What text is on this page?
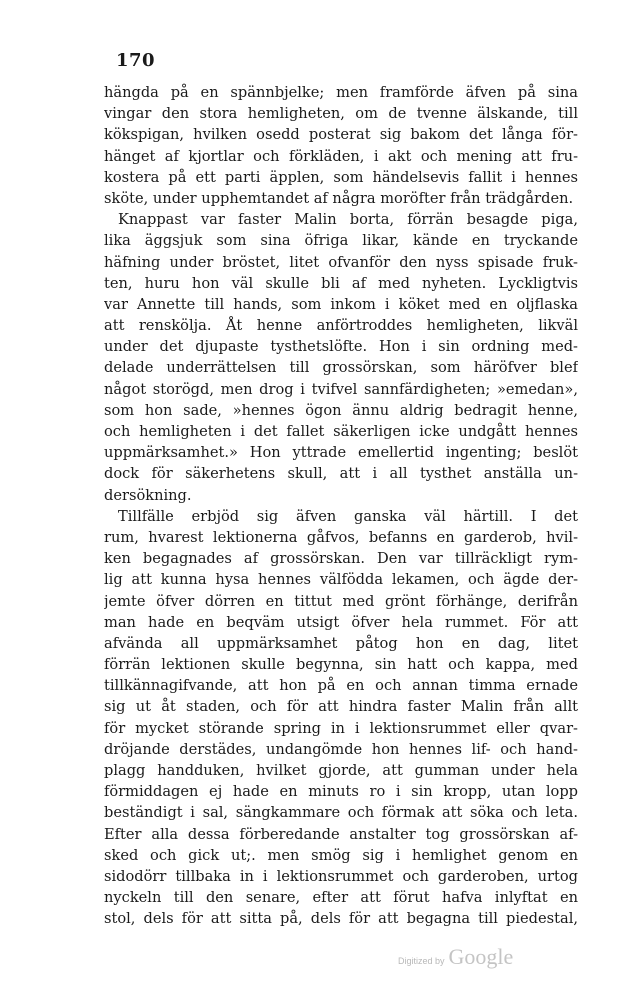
170
hängda på en spännbjelke; men framförde äfven på sina
vingar den stora hemligheten, om de tvenne älskande, till
kökspigan, hvilken osedd posterat sig bakom det långa för-
hänget af kjortlar och förkläden, i akt och mening att fru-
kostera på ett parti äpplen, som händelsevis fallit i hennes
sköte, under upphemtandet af några moröfter från trädgården.
Knappast var faster Malin borta, förrän besagde piga,
lika äggsjuk som sina öfriga likar, kände en tryckande
häfning under bröstet, litet ofvanför den nyss spisade fruk-
ten, huru hon väl skulle bli af med nyheten. Lyckligtvis
var Annette till hands, som inkom i köket med en oljflaska
att rensköljа. Åt henne anförtroddes hemligheten, likväl
under det djupaste tysthetslöfte. Hon i sin ordning med-
delade underrättelsen till grossörskan, som häröfver blef
något storögd, men drog i tvifvel sannfärdigheten; »emedan»,
som hon sade, »hennes ögon ännu aldrig bedragit henne,
och hemligheten i det fallet säkerligen icke undgått hennes
uppmärksamhet.» Hon yttrade emellertid ingenting; beslöt
dock för säkerhetens skull, att i all tysthet anställa un-
dersökning.
Tillfälle erbjöd sig äfven ganska väl härtill. I det
rum, hvarest lektionerna gåfvos, befanns en garderob, hvil-
ken begagnades af grossörskan. Den var tillräckligt rym-
lig att kunna hysa hennes välfödda lekamen, och ägde der-
jemte öfver dörren en tittut med grönt förhänge, derifrån
man hade en beqväm utsigt öfver hela rummet. För att
afvända all uppmärksamhet påtog hon en dag, litet
förrän lektionen skulle begynna, sin hatt och kappa, med
tillkännagifvande, att hon på en och annan timma ernade
sig ut åt staden, och för att hindra faster Malin från allt
för mycket störande spring in i lektionsrummet eller qvar-
dröjande derstädes, undangömde hon hennes lif- och hand-
plagg handduken, hvilket gjorde, att gumman under hela
förmiddagen ej hade en minuts ro i sin kropp, utan lopp
beständigt i sal, sängkammare och förmak att söka och leta.
Efter alla dessa förberedande anstalter tog grossörskan af-
sked och gick ut;. men smög sig i hemlighet genom en
sidodörr tillbaka in i lektionsrummet och garderoben, urtog
nyckeln till den senare, efter att förut hafva inlyftat en
stol, dels för att sitta på, dels för att begagna till piedestal,
Digitized by Google
